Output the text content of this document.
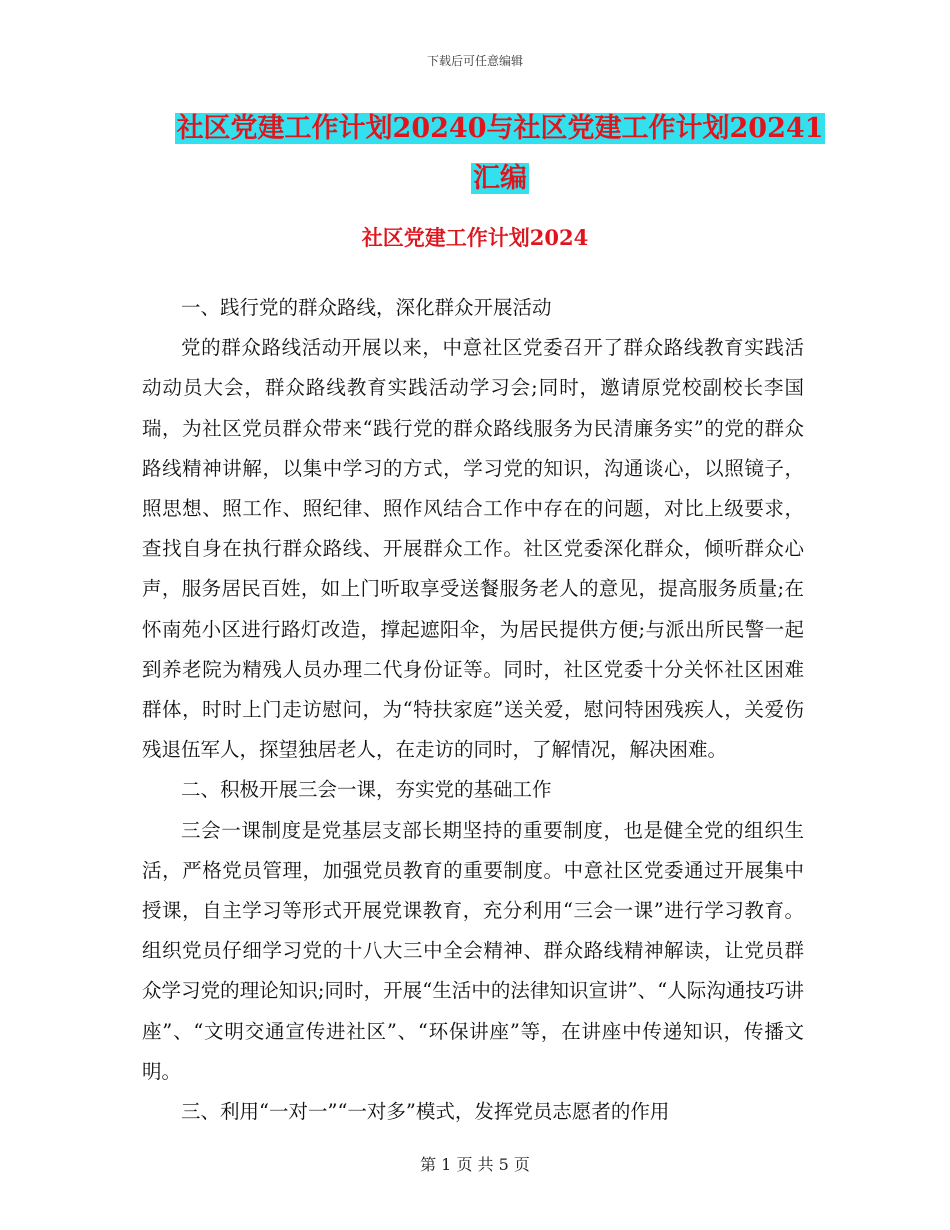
下载后可任意编辑
社区党建工作计划20240与社区党建工作计划20241
汇编
社区党建工作计划2024

一、践行党的群众路线，深化群众开展活动

党的群众路线活动开展以来，中意社区党委召开了群众路线教育实践活动动员大会，群众路线教育实践活动学习会;同时，邀请原党校副校长李国瑞，为社区党员群众带来“践行党的群众路线服务为民清廉务实”的党的群众路线精神讲解，以集中学习的方式，学习党的知识，沟通谈心，以照镜子，照思想、照工作、照纪律、照作风结合工作中存在的问题，对比上级要求，查找自身在执行群众路线、开展群众工作。社区党委深化群众，倾听群众心声，服务居民百姓，如上门听取享受送餐服务老人的意见，提高服务质量;在怀南苑小区进行路灯改造，撑起遮阳伞，为居民提供方便;与派出所民警一起到养老院为精残人员办理二代身份证等。同时，社区党委十分关怀社区困难群体，时时上门走访慰问，为“特扶家庭”送关爱，慰问特困残疾人，关爱伤残退伍军人，探望独居老人，在走访的同时，了解情况，解决困难。

二、积极开展三会一课，夯实党的基础工作

三会一课制度是党基层支部长期坚持的重要制度，也是健全党的组织生活，严格党员管理，加强党员教育的重要制度。中意社区党委通过开展集中授课，自主学习等形式开展党课教育，充分利用“三会一课”进行学习教育。组织党员仔细学习党的十八大三中全会精神、群众路线精神解读，让党员群众学习党的理论知识;同时，开展“生活中的法律知识宣讲”、“人际沟通技巧讲座”、“文明交通宣传进社区”、“环保讲座”等，在讲座中传递知识，传播文明。

三、利用“一对一”“一对多”模式，发挥党员志愿者的作用

第 1 页 共 5 页
